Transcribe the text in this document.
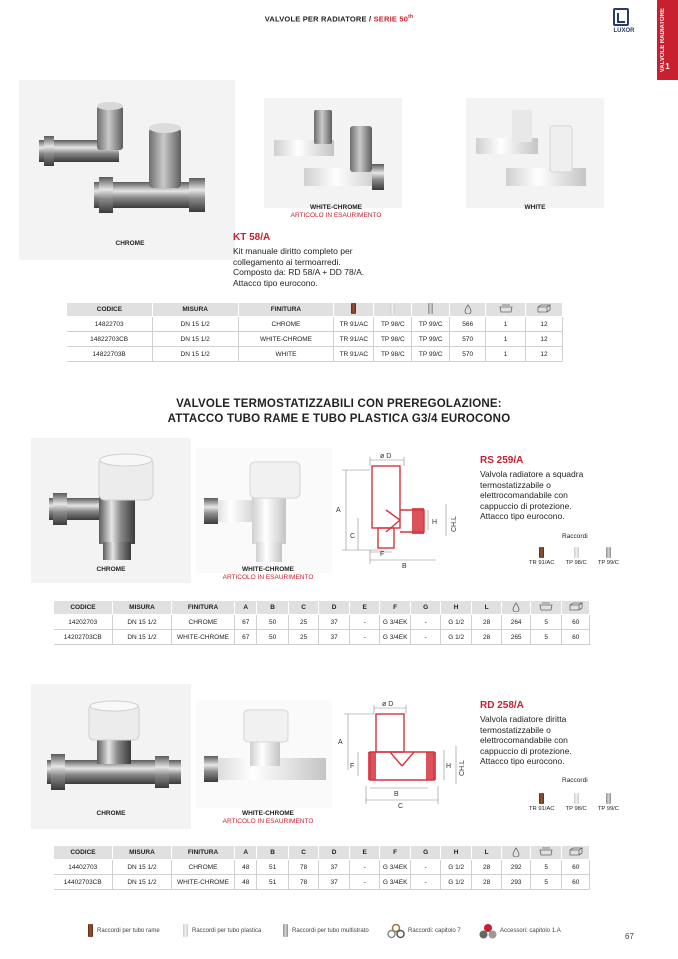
VALVOLE PER RADIATORE / SERIE 50th
LUXOR	VALVOLE RADIATORE 1
CHROME
WHITE-CHROME
ARTICOLO IN ESAURIMENTO
WHITE
KT 58/A
Kit manuale diritto completo per
collegamento ai termoarredi.
Composto da: RD 58/A + DD 78/A.
Attacco tipo eurocono.
CODICE	MISURA	FINITURA						
14822703	DN 15 1/2	CHROME	TR 91/AC	TP 98/C	TP 99/C	566	1	12
14822703CB	DN 15 1/2	WHITE-CHROME	TR 91/AC	TP 98/C	TP 99/C	570	1	12
14822703B	DN 15 1/2	WHITE	TR 91/AC	TP 98/C	TP 99/C	570	1	12
VALVOLE TERMOSTATIZZABILI CON PREREGOLAZIONE:
ATTACCO TUBO RAME E TUBO PLASTICA G3/4 EUROCONO
CHROME	WHITE-CHROME
ARTICOLO IN ESAURIMENTO
ø D
A
C
F
B
H CH.L
RS 259/A
Valvola radiatore a squadra
termostatizzabile o
elettrocomandabile con
cappuccio di protezione.
Attacco tipo eurocono.
Raccordi
TR 91/AC TP 98/C TP 99/C
CODICE	MISURA	FINITURA	A	B	C	D	E	F	G	H	L			
14202703	DN 15 1/2	CHROME	67	50	25	37	-	G 3/4EK	-	G 1/2	28	264	5	60
14202703CB	DN 15 1/2	WHITE-CHROME	67	50	25	37	-	G 3/4EK	-	G 1/2	28	265	5	60
CHROME	WHITE-CHROME
ARTICOLO IN ESAURIMENTO
ø D
A
F
B
C
H CH.L
RD 258/A
Valvola radiatore diritta
termostatizzabile o
elettrocomandabile con
cappuccio di protezione.
Attacco tipo eurocono.
Raccordi
TR 91/AC TP 98/C TP 99/C
CODICE	MISURA	FINITURA	A	B	C	D	E	F	G	H	L			
14402703	DN 15 1/2	CHROME	48	51	78	37	-	G 3/4EK	-	G 1/2	28	292	5	60
14402703CB	DN 15 1/2	WHITE-CHROME	48	51	78	37	-	G 3/4EK	-	G 1/2	28	293	5	60
Raccordi per tubo rame	Raccordi per tubo plastica	Raccordi per tubo multistrato	Raccordi: capitolo 7	Accessori: capitolo 1.A
67
